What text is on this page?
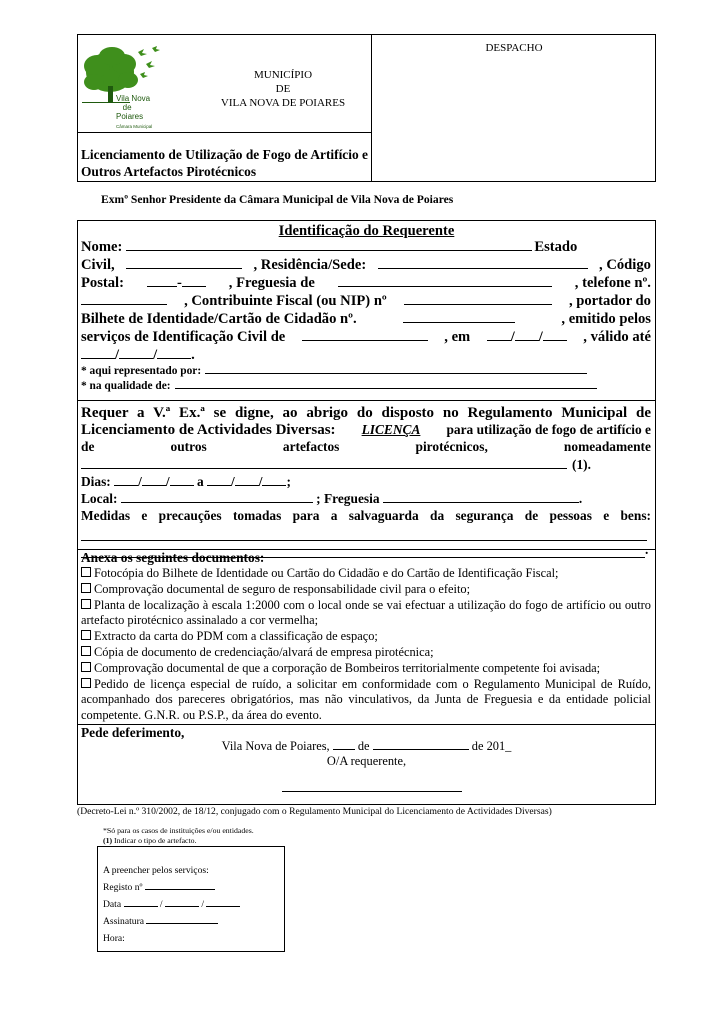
Vila Nova
de
Poiares
Câmara Municipal
MUNICÍPIO
DE
VILA NOVA DE POIARES
Licenciamento de Utilização de Fogo de Artifício e Outros Artefactos Pirotécnicos
DESPACHO
Exmº Senhor Presidente da Câmara Municipal de Vila Nova de Poiares
Identificação do Requerente
Nome:	Estado
Civil,	, Residência/Sede:	, Código
Postal:	-	, Freguesia de	, telefone nº.
, Contribuinte Fiscal (ou NIP) nº	, portador do
Bilhete de Identidade/Cartão de Cidadão nº.	, emitido pelos
serviços de Identificação Civil de	, em	/ /	, válido até
/ / .
* aqui representado por:
* na qualidade de:
Requer a V.ª Ex.ª se digne, ao abrigo do disposto no Regulamento Municipal de
Licenciamento de Actividades Diversas: LICENÇA para utilização de fogo de artifício e
de	outros	artefactos	pirotécnicos,	nomeadamente
(1) .
Dias:
/ /
a
/ / ;
Local:

	; Freguesia
	.
Medidas e precauções tomadas para a salvaguarda da segurança de pessoas e bens:
.
Anexa os seguintes documentos:
Fotocópia do Bilhete de Identidade ou Cartão do Cidadão e do Cartão de Identificação Fiscal;
Comprovação documental de seguro de responsabilidade civil para o efeito;
Planta de localização à escala 1:2000 com o local onde se vai efectuar a utilização do fogo de artifício ou outro artefacto pirotécnico assinalado a cor vermelha;
Extracto da carta do PDM com a classificação de espaço;
Cópia de documento de credenciação/alvará de empresa pirotécnica;
Comprovação documental de que a corporação de Bombeiros territorialmente competente foi avisada;
Pedido de licença especial de ruído, a solicitar em conformidade com o Regulamento Municipal de Ruído, acompanhado dos pareceres obrigatórios, mas não vinculativos, da Junta de Freguesia e da entidade policial competente. G.N.R. ou P.S.P., da área do evento.
Pede deferimento,
Vila Nova de Poiares, de	de 201_
O/A requerente,
(Decreto-Lei n.º 310/2002, de 18/12, conjugado com o Regulamento Municipal do Licenciamento de Actividades Diversas)
*Só para os casos de instituições e/ou entidades.
(1) Indicar o tipo de artefacto.
A preencher pelos serviços:
Registo nº
Data	/	/
Assinatura
Hora:
